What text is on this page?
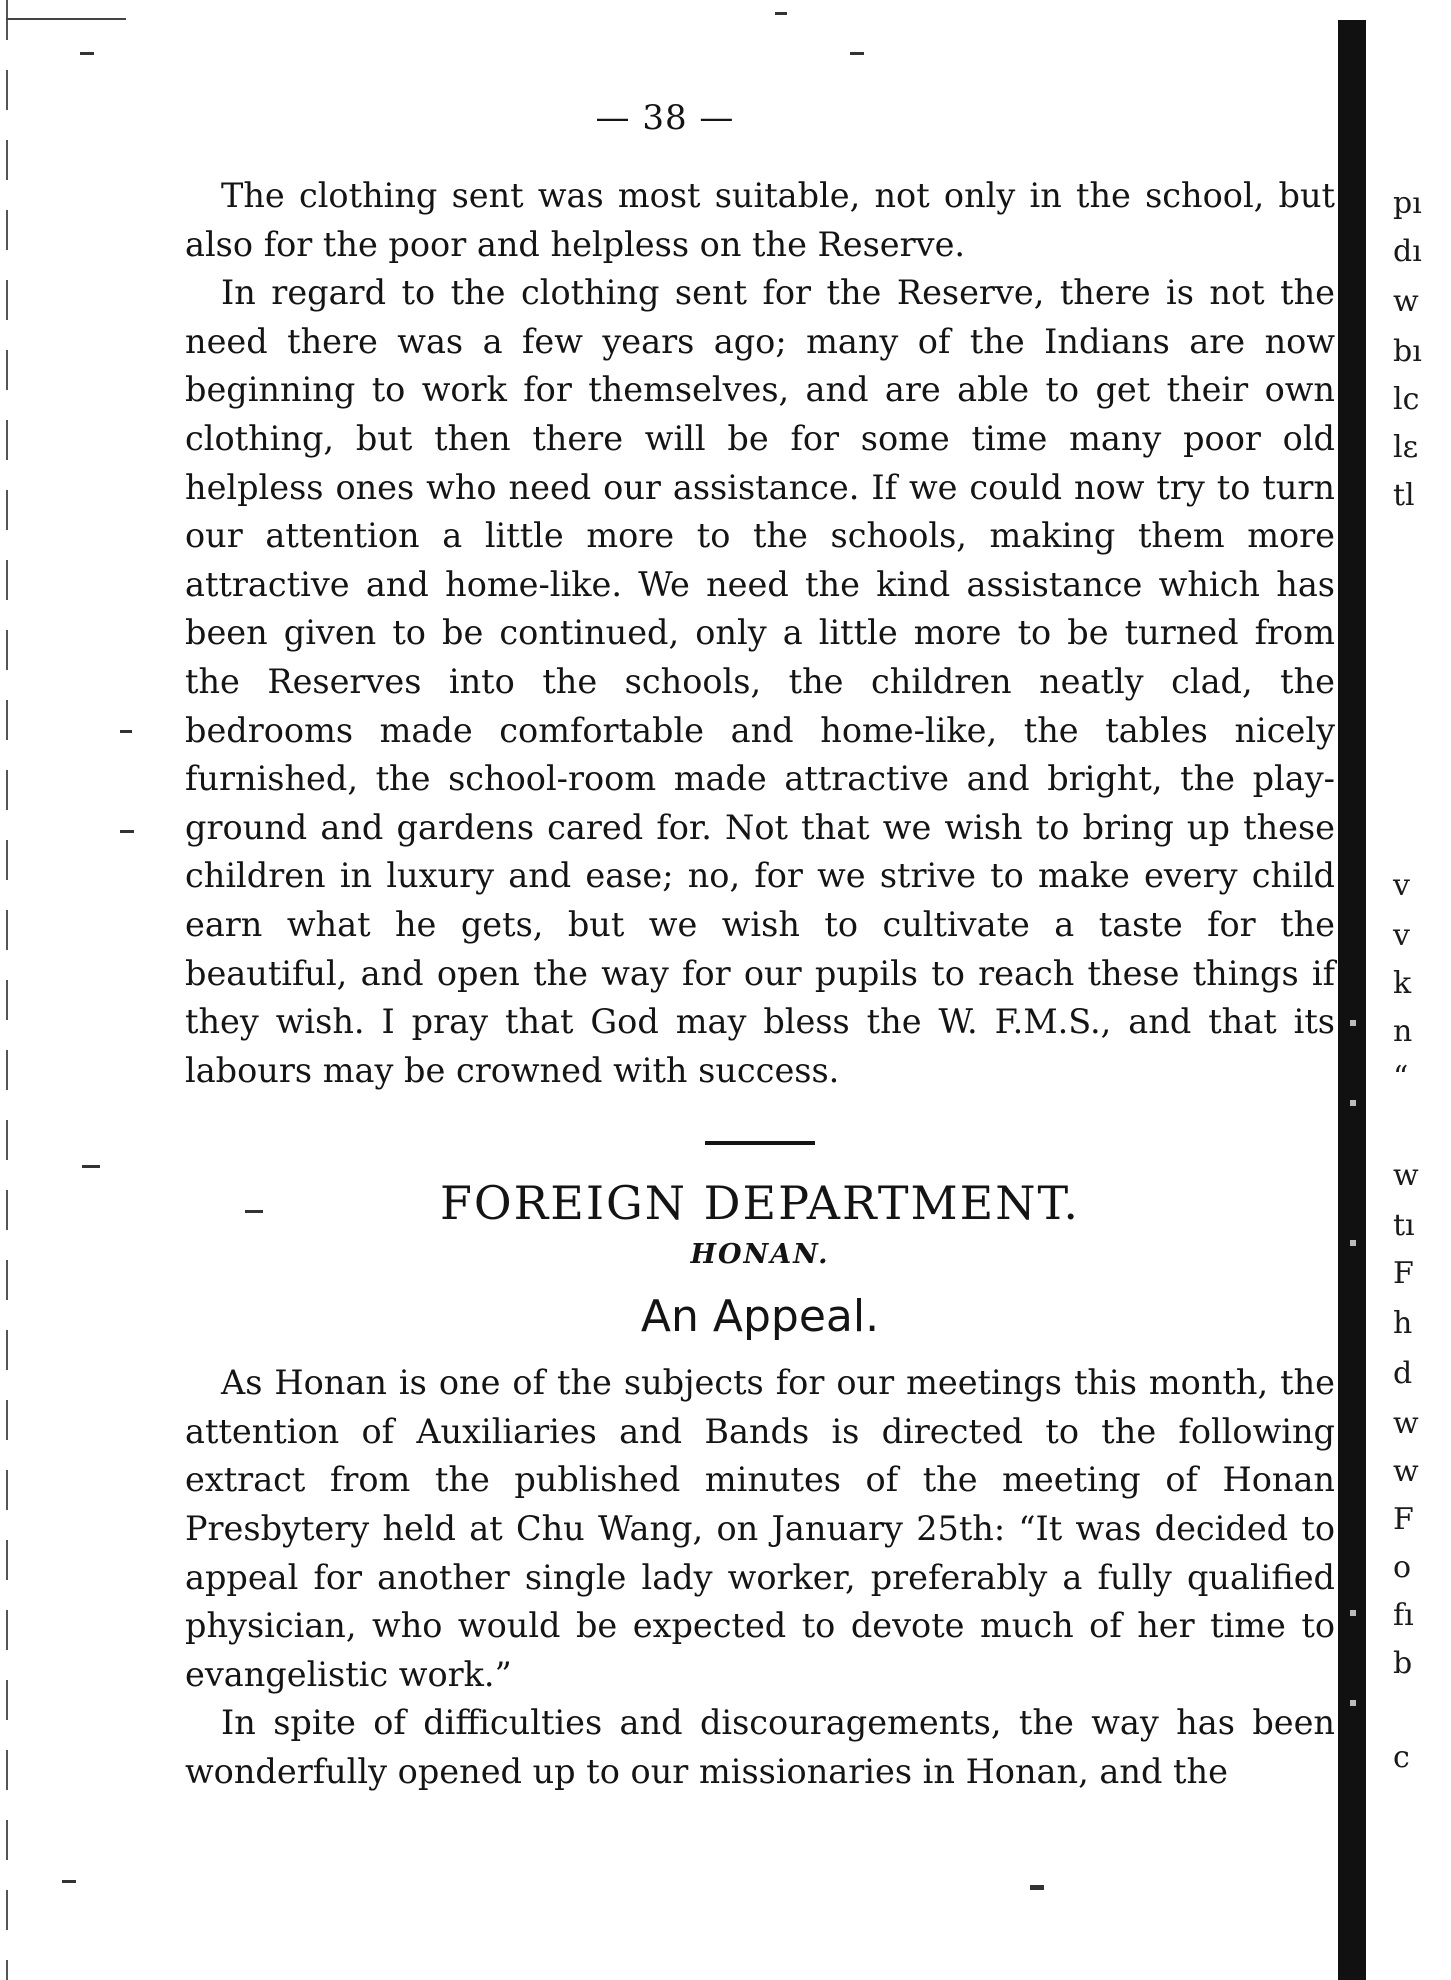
— 38 —

The clothing sent was most suitable, not only in the school, but also for the poor and helpless on the Reserve.

In regard to the clothing sent for the Reserve, there is not the need there was a few years ago; many of the Indians are now beginning to work for themselves, and are able to get their own clothing, but then there will be for some time many poor old helpless ones who need our assistance. If we could now try to turn our attention a little more to the schools, making them more attractive and home-like. We need the kind assistance which has been given to be continued, only a little more to be turned from the Reserves into the schools, the children neatly clad, the bedrooms made comfortable and home-like, the tables nicely furnished, the school-room made attractive and bright, the play-ground and gardens cared for. Not that we wish to bring up these children in luxury and ease; no, for we strive to make every child earn what he gets, but we wish to cultivate a taste for the beautiful, and open the way for our pupils to reach these things if they wish. I pray that God may bless the W. F.M.S., and that its labours may be crowned with success.

FOREIGN DEPARTMENT.
HONAN.
An Appeal.

As Honan is one of the subjects for our meetings this month, the attention of Auxiliaries and Bands is directed to the following extract from the published minutes of the meeting of Honan Presbytery held at Chu Wang, on January 25th: “It was decided to appeal for another single lady worker, preferably a fully qualified physician, who would be expected to devote much of her time to evangelistic work.”

In spite of difficulties and discouragements, the way has been wonderfully opened up to our missionaries in Honan, and the

pı
dı
w
bı
lc
lε
tl
v
v
k
n
“
w
tı
F
h
d
w
w
F
o
fı
b
c
